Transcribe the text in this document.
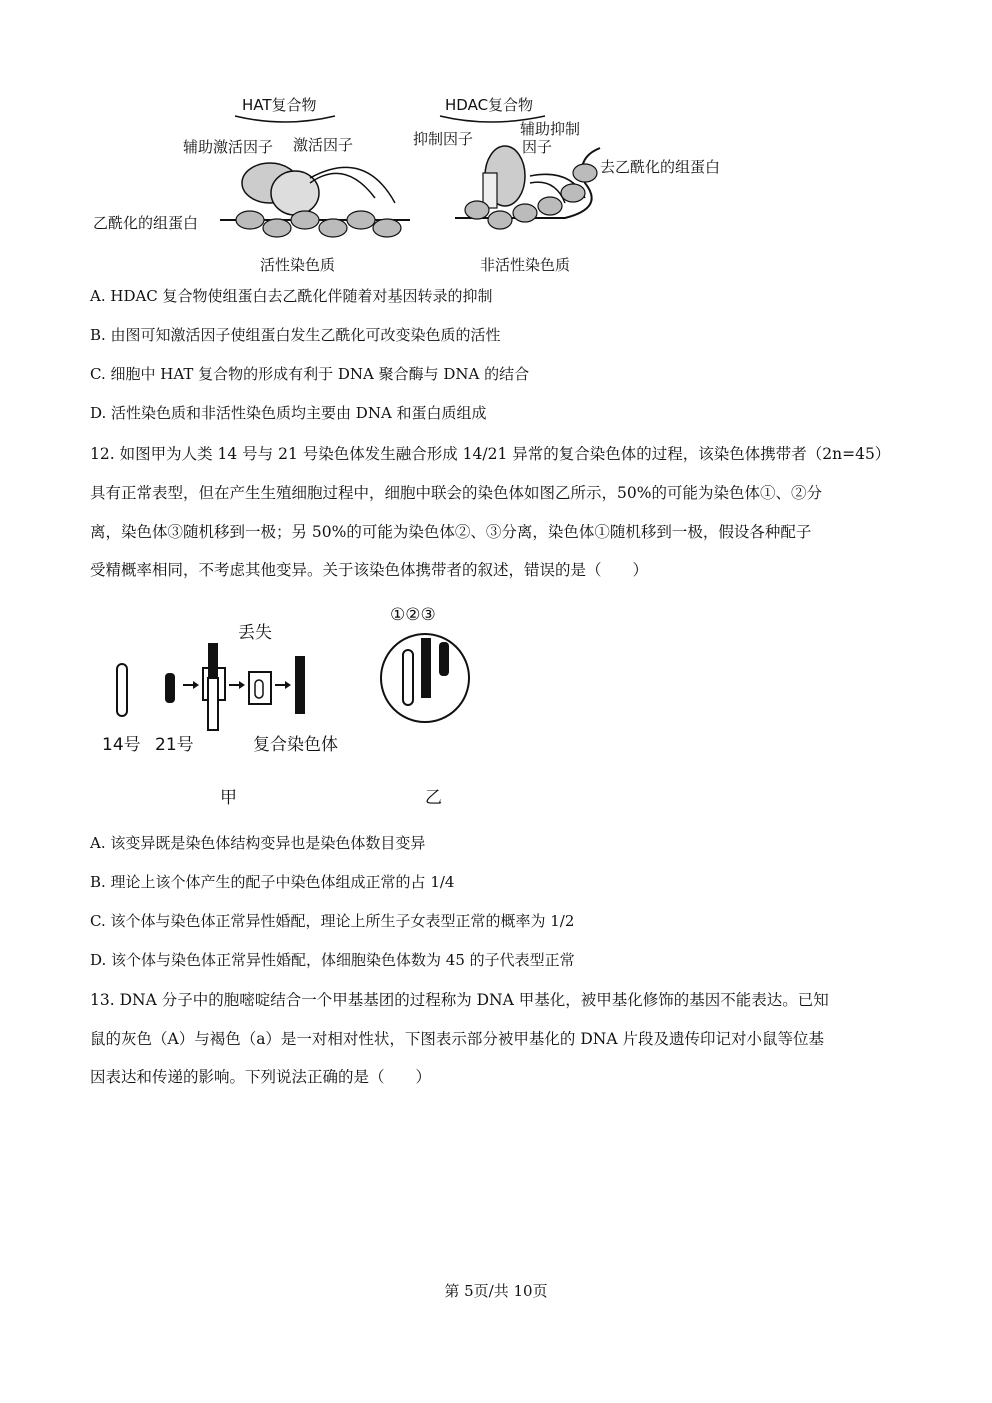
HAT复合物
辅助激活因子 激活因子
乙酰化的组蛋白
活性染色质
HDAC复合物
抑制因子
辅助抑制
因子
去乙酰化的组蛋白
非活性染色质
A. HDAC 复合物使组蛋白去乙酰化伴随着对基因转录的抑制
B. 由图可知激活因子使组蛋白发生乙酰化可改变染色质的活性
C. 细胞中 HAT 复合物的形成有利于 DNA 聚合酶与 DNA 的结合
D. 活性染色质和非活性染色质均主要由 DNA 和蛋白质组成
12. 如图甲为人类 14 号与 21 号染色体发生融合形成 14/21 异常的复合染色体的过程，该染色体携带者（2n=45）
具有正常表型，但在产生生殖细胞过程中，细胞中联会的染色体如图乙所示，50%的可能为染色体①、②分
离，染色体③随机移到一极；另 50%的可能为染色体②、③分离，染色体①随机移到一极，假设各种配子
受精概率相同，不考虑其他变异。关于该染色体携带者的叙述，错误的是（　　）
丢失
14号 21号	复合染色体
甲
①②③
乙
A. 该变异既是染色体结构变异也是染色体数目变异
B. 理论上该个体产生的配子中染色体组成正常的占 1/4
C. 该个体与染色体正常异性婚配，理论上所生子女表型正常的概率为 1/2
D. 该个体与染色体正常异性婚配，体细胞染色体数为 45 的子代表型正常
13. DNA 分子中的胞嘧啶结合一个甲基基团的过程称为 DNA 甲基化，被甲基化修饰的基因不能表达。已知
鼠的灰色（A）与褐色（a）是一对相对性状，下图表示部分被甲基化的 DNA 片段及遗传印记对小鼠等位基
因表达和传递的影响。下列说法正确的是（　　）
第 5页/共 10页
